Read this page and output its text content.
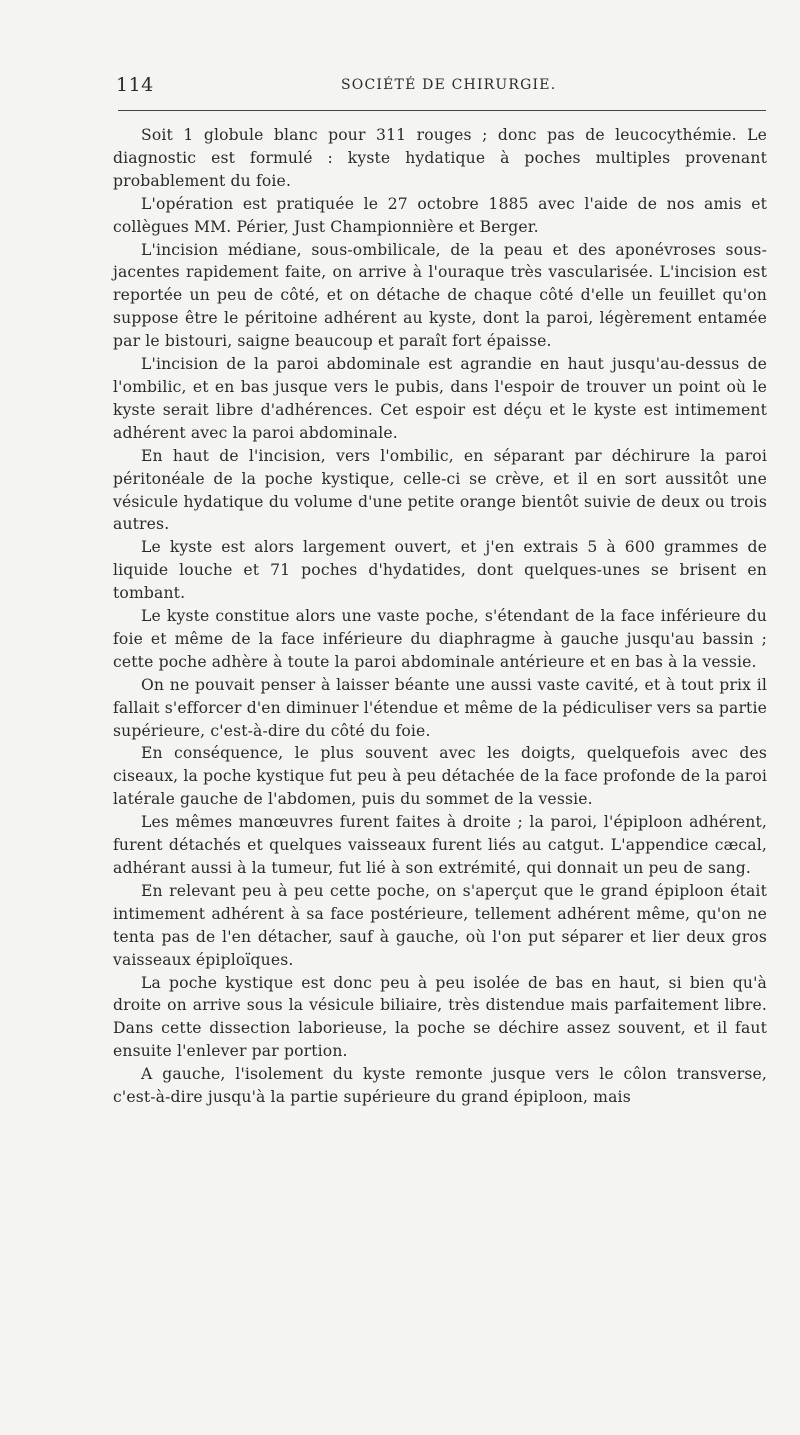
114	SOCIÉTÉ DE CHIRURGIE.

Soit 1 globule blanc pour 311 rouges ; donc pas de leucocythémie. Le diagnostic est formulé : kyste hydatique à poches multiples provenant probablement du foie.

L'opération est pratiquée le 27 octobre 1885 avec l'aide de nos amis et collègues MM. Périer, Just Championnière et Berger.

L'incision médiane, sous-ombilicale, de la peau et des aponévroses sous-jacentes rapidement faite, on arrive à l'ouraque très vascularisée. L'incision est reportée un peu de côté, et on détache de chaque côté d'elle un feuillet qu'on suppose être le péritoine adhérent au kyste, dont la paroi, légèrement entamée par le bistouri, saigne beaucoup et paraît fort épaisse.

L'incision de la paroi abdominale est agrandie en haut jusqu'au-dessus de l'ombilic, et en bas jusque vers le pubis, dans l'espoir de trouver un point où le kyste serait libre d'adhérences. Cet espoir est déçu et le kyste est intimement adhérent avec la paroi abdominale.

En haut de l'incision, vers l'ombilic, en séparant par déchirure la paroi péritonéale de la poche kystique, celle-ci se crève, et il en sort aussitôt une vésicule hydatique du volume d'une petite orange bientôt suivie de deux ou trois autres.

Le kyste est alors largement ouvert, et j'en extrais 5 à 600 grammes de liquide louche et 71 poches d'hydatides, dont quelques-unes se brisent en tombant.

Le kyste constitue alors une vaste poche, s'étendant de la face inférieure du foie et même de la face inférieure du diaphragme à gauche jusqu'au bassin ; cette poche adhère à toute la paroi abdominale antérieure et en bas à la vessie.

On ne pouvait penser à laisser béante une aussi vaste cavité, et à tout prix il fallait s'efforcer d'en diminuer l'étendue et même de la pédiculiser vers sa partie supérieure, c'est-à-dire du côté du foie.

En conséquence, le plus souvent avec les doigts, quelquefois avec des ciseaux, la poche kystique fut peu à peu détachée de la face profonde de la paroi latérale gauche de l'abdomen, puis du sommet de la vessie.

Les mêmes manœuvres furent faites à droite ; la paroi, l'épiploon adhérent, furent détachés et quelques vaisseaux furent liés au catgut. L'appendice cæcal, adhérant aussi à la tumeur, fut lié à son extrémité, qui donnait un peu de sang.

En relevant peu à peu cette poche, on s'aperçut que le grand épiploon était intimement adhérent à sa face postérieure, tellement adhérent même, qu'on ne tenta pas de l'en détacher, sauf à gauche, où l'on put séparer et lier deux gros vaisseaux épiploïques.

La poche kystique est donc peu à peu isolée de bas en haut, si bien qu'à droite on arrive sous la vésicule biliaire, très distendue mais parfaitement libre. Dans cette dissection laborieuse, la poche se déchire assez souvent, et il faut ensuite l'enlever par portion.

A gauche, l'isolement du kyste remonte jusque vers le côlon transverse, c'est-à-dire jusqu'à la partie supérieure du grand épiploon, mais
